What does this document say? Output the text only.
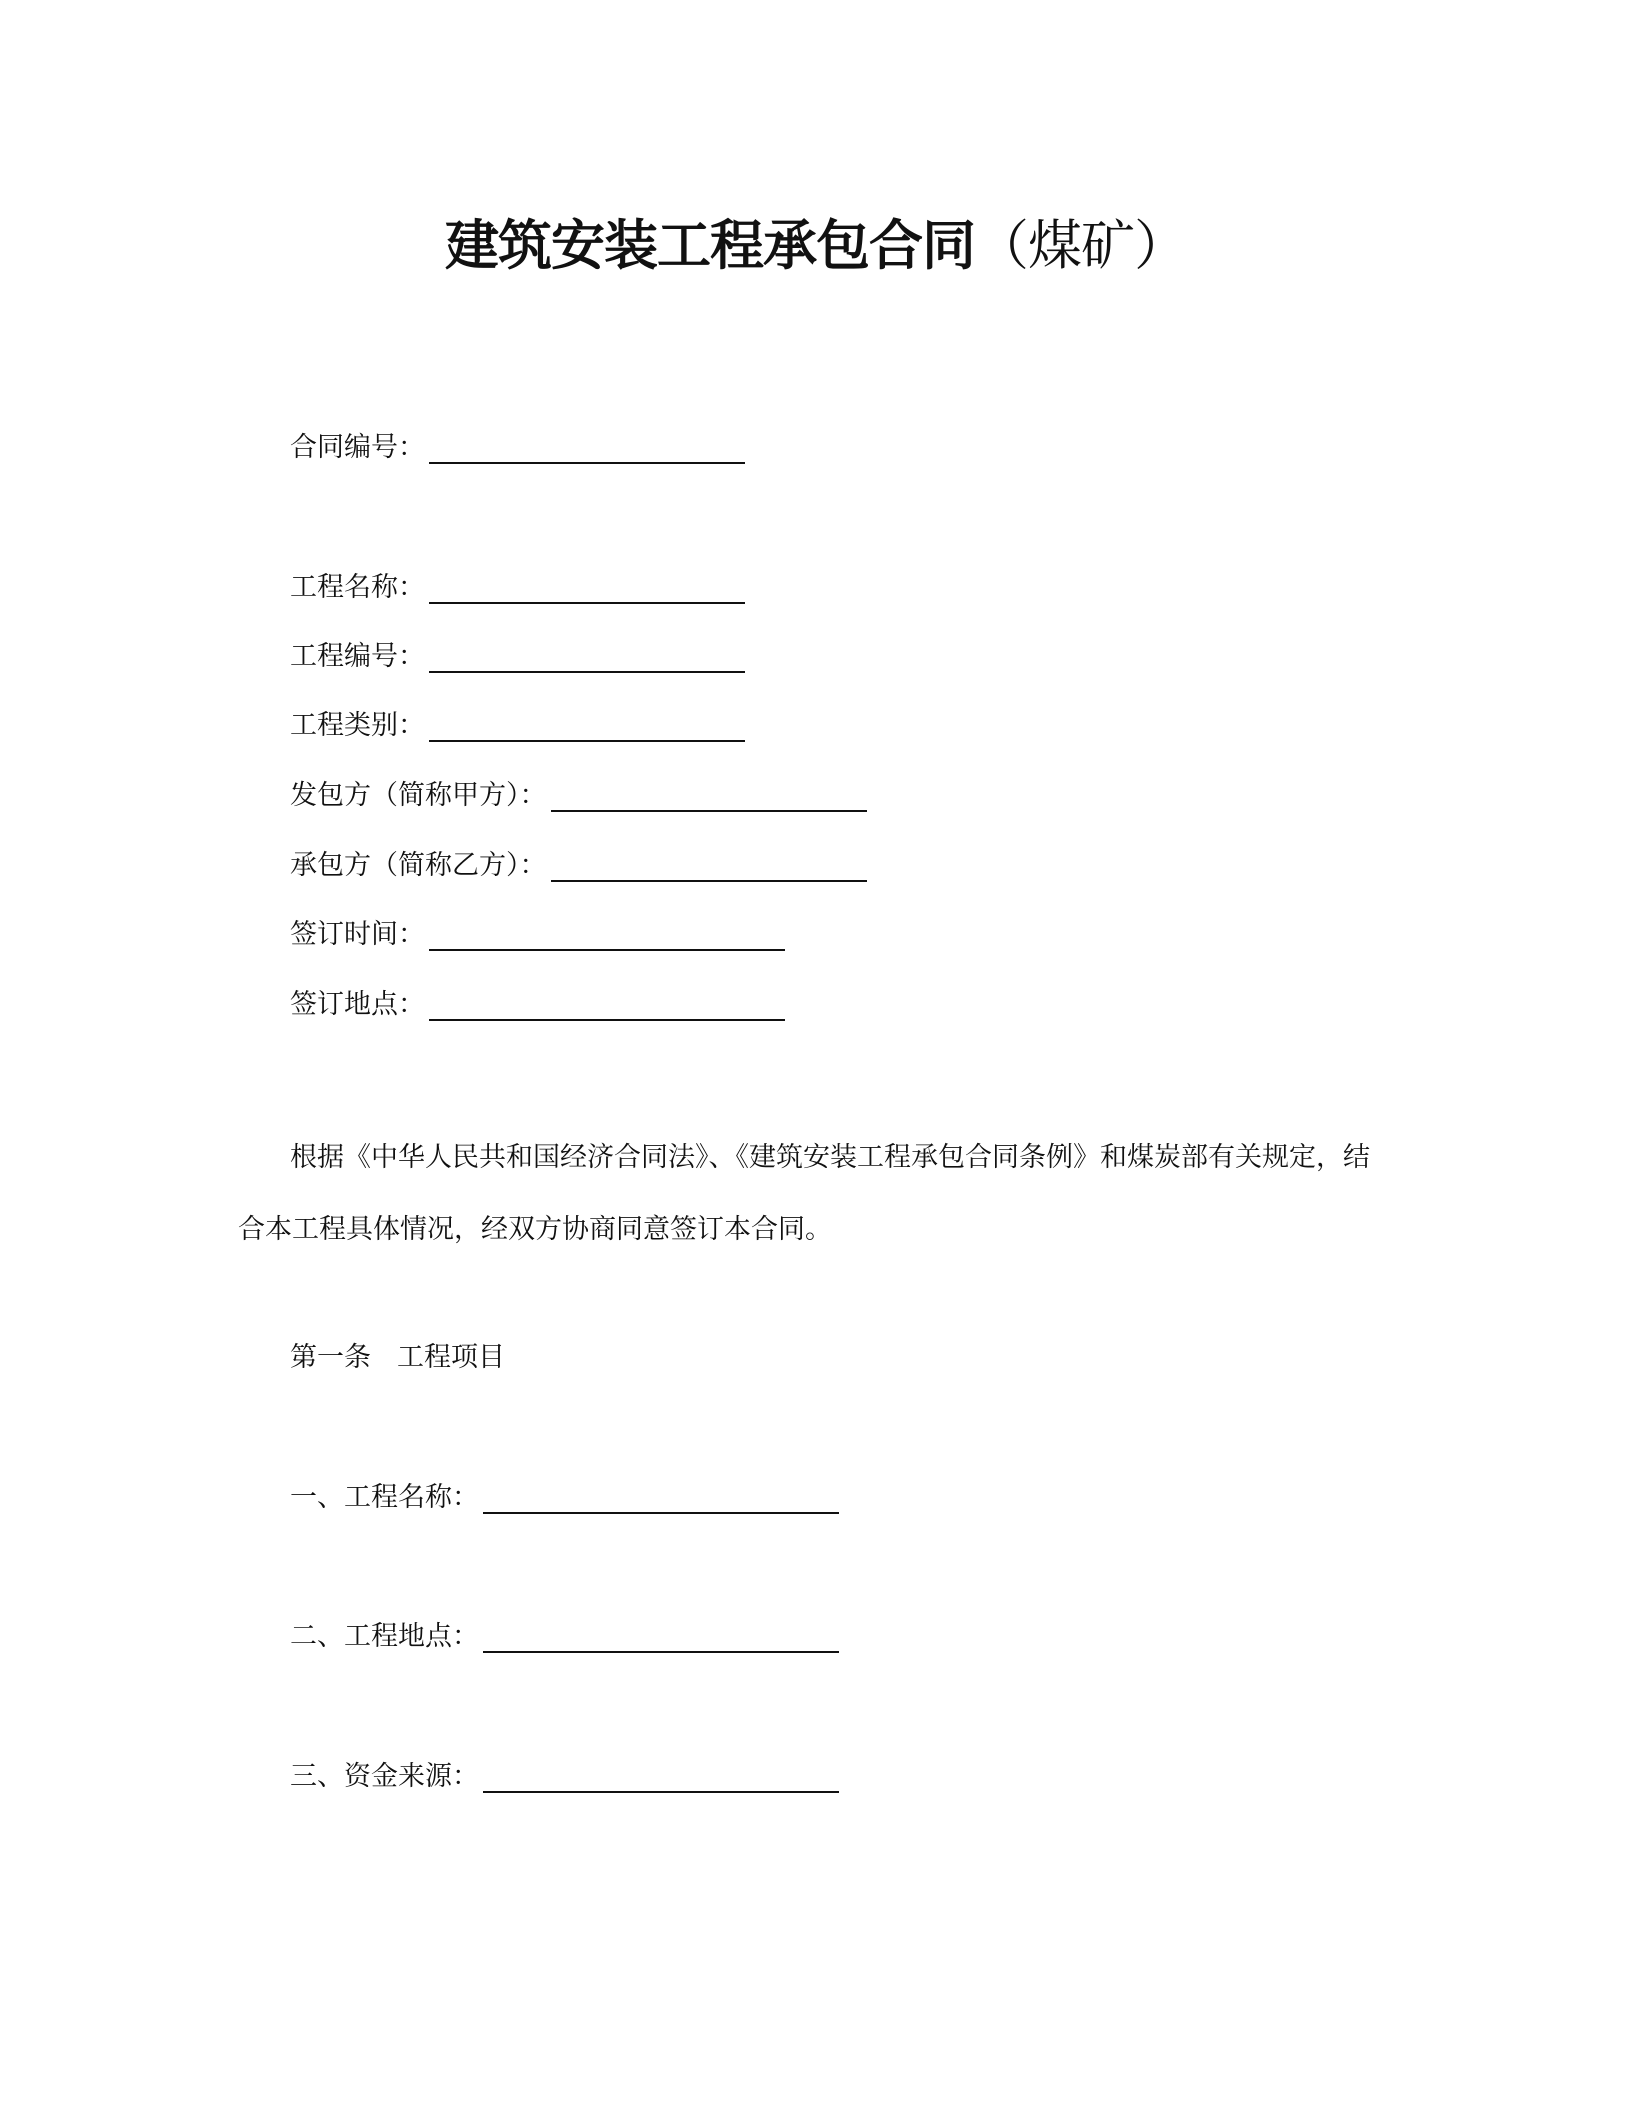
建筑安装工程承包合同（煤矿）
合同编号：
工程名称：
工程编号：
工程类别：
发包方（简称甲方）：
承包方（简称乙方）：
签订时间：
签订地点：
根据《中华人民共和国经济合同法》、《建筑安装工程承包合同条例》和煤炭部有关规定，结
合本工程具体情况，经双方协商同意签订本合同。
第一条 工程项目
一、工程名称：
二、工程地点：
三、资金来源：
